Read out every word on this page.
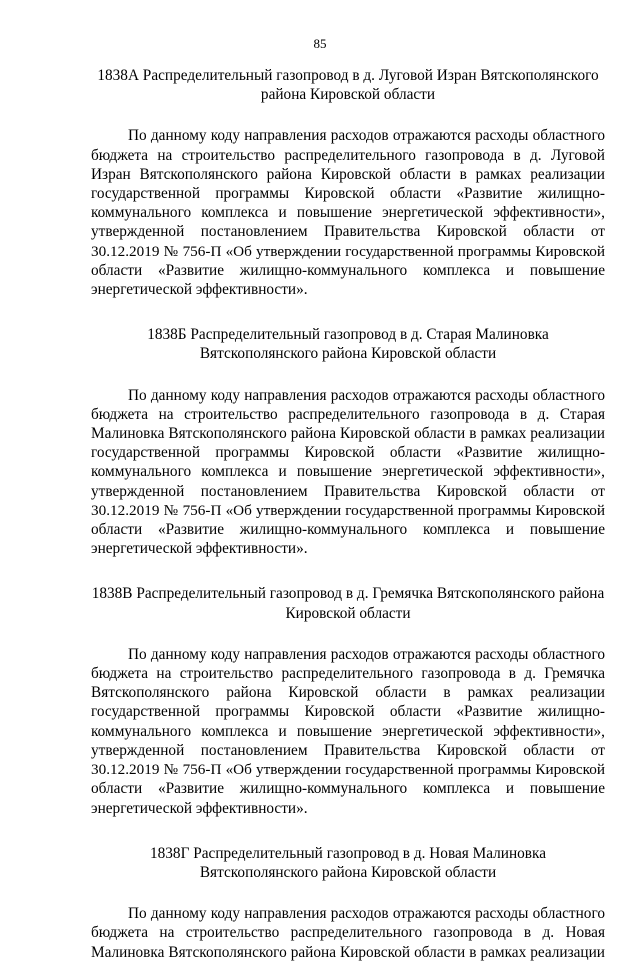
85
1838А Распределительный газопровод в д. Луговой Изран Вятскополянского
района Кировской области
По данному коду направления расходов отражаются расходы областного
бюджета на строительство распределительного газопровода в д. Луговой
Изран Вятскополянского района Кировской области в рамках реализации
государственной программы Кировской области «Развитие жилищно-
коммунального комплекса и повышение энергетической эффективности»,
утвержденной постановлением Правительства Кировской области от
30.12.2019 № 756-П «Об утверждении государственной программы Кировской
области «Развитие жилищно-коммунального комплекса и повышение
энергетической эффективности».
1838Б Распределительный газопровод в д. Старая Малиновка
Вятскополянского района Кировской области
По данному коду направления расходов отражаются расходы областного
бюджета на строительство распределительного газопровода в д. Старая
Малиновка Вятскополянского района Кировской области в рамках реализации
государственной программы Кировской области «Развитие жилищно-
коммунального комплекса и повышение энергетической эффективности»,
утвержденной постановлением Правительства Кировской области от
30.12.2019 № 756-П «Об утверждении государственной программы Кировской
области «Развитие жилищно-коммунального комплекса и повышение
энергетической эффективности».
1838В Распределительный газопровод в д. Гремячка Вятскополянского района
Кировской области
По данному коду направления расходов отражаются расходы областного
бюджета на строительство распределительного газопровода в д. Гремячка
Вятскополянского района Кировской области в рамках реализации
государственной программы Кировской области «Развитие жилищно-
коммунального комплекса и повышение энергетической эффективности»,
утвержденной постановлением Правительства Кировской области от
30.12.2019 № 756-П «Об утверждении государственной программы Кировской
области «Развитие жилищно-коммунального комплекса и повышение
энергетической эффективности».
1838Г Распределительный газопровод в д. Новая Малиновка
Вятскополянского района Кировской области
По данному коду направления расходов отражаются расходы областного
бюджета на строительство распределительного газопровода в д. Новая
Малиновка Вятскополянского района Кировской области в рамках реализации
